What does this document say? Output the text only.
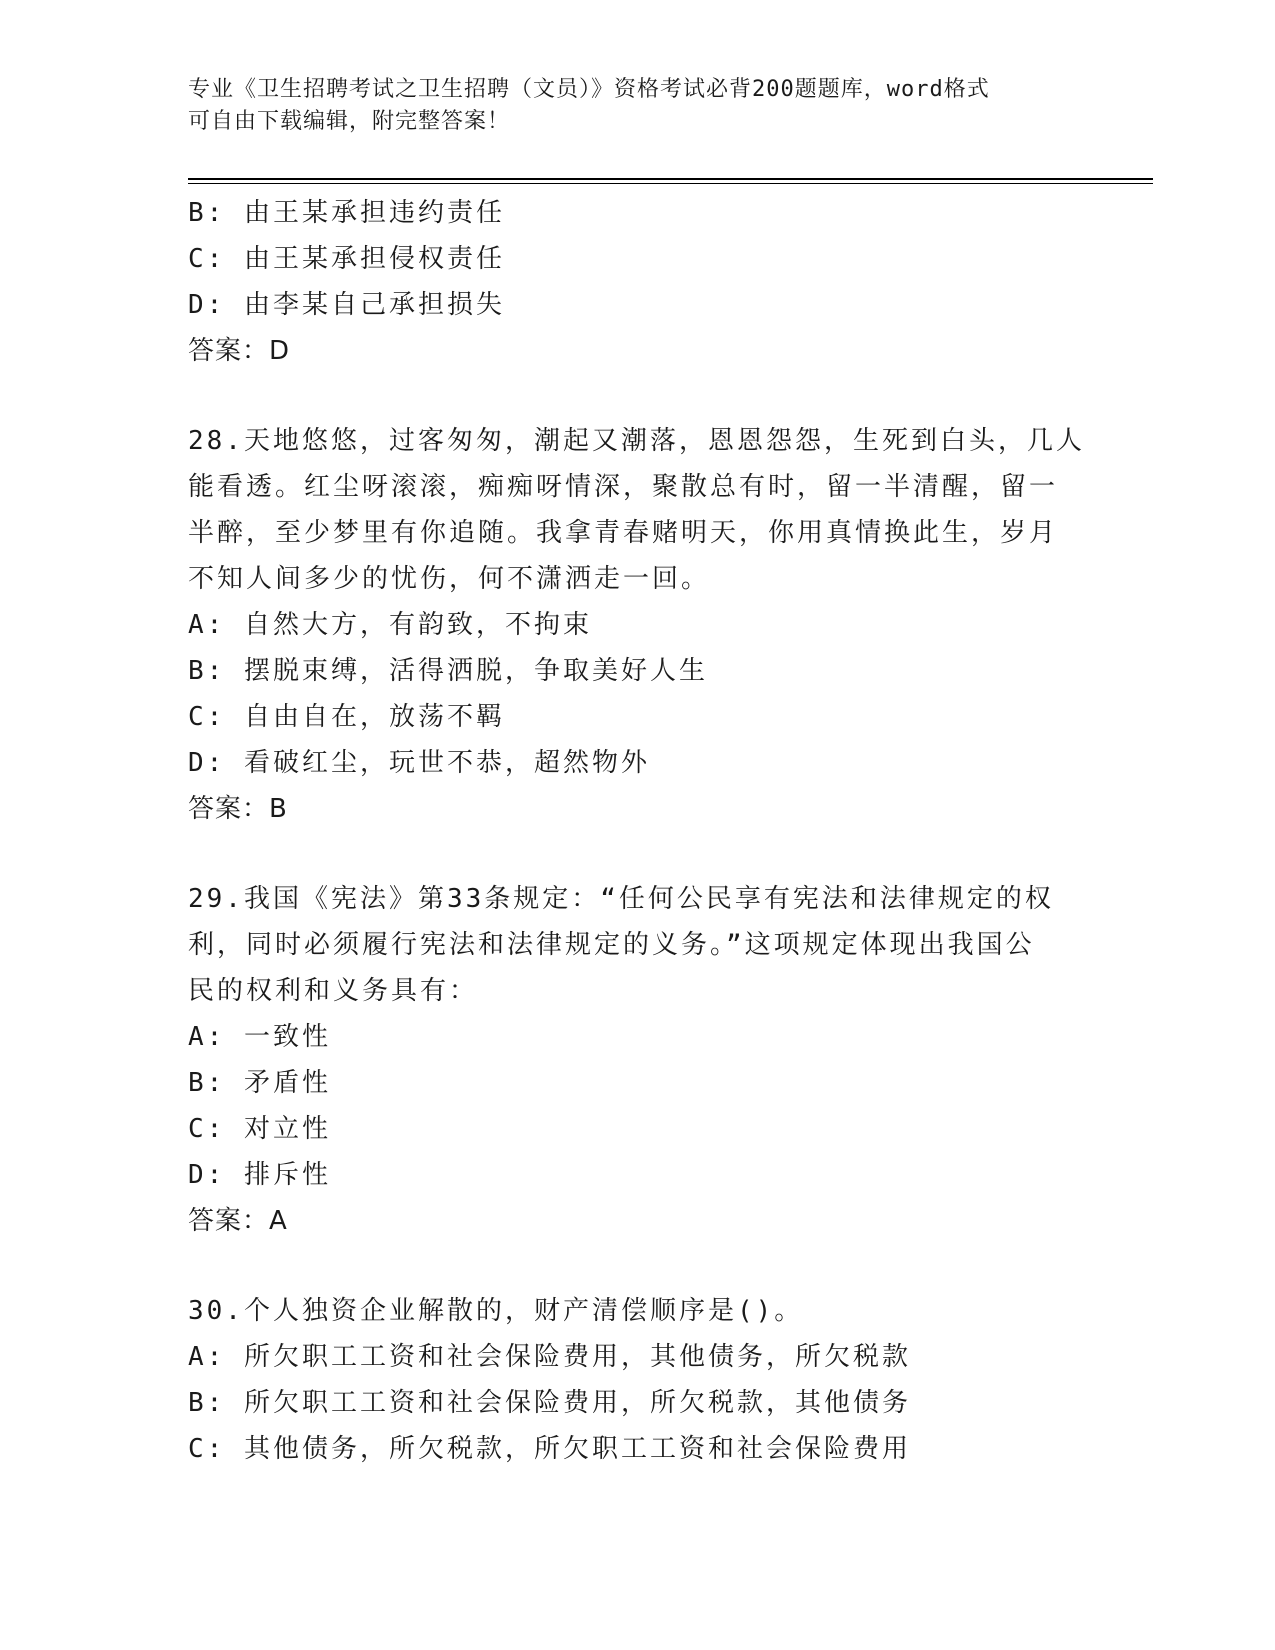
专业《卫生招聘考试之卫生招聘（文员）》资格考试必背200题题库，word格式
可自由下载编辑，附完整答案！
B: 由王某承担违约责任
C: 由王某承担侵权责任
D: 由李某自己承担损失
答案：D
28.天地悠悠，过客匆匆，潮起又潮落，恩恩怨怨，生死到白头，几人
能看透。红尘呀滚滚，痴痴呀情深，聚散总有时，留一半清醒，留一
半醉，至少梦里有你追随。我拿青春赌明天，你用真情换此生，岁月
不知人间多少的忧伤，何不潇洒走一回。
A: 自然大方，有韵致，不拘束
B: 摆脱束缚，活得洒脱，争取美好人生
C: 自由自在，放荡不羁
D: 看破红尘，玩世不恭，超然物外
答案：B
29.我国《宪法》第33条规定：“任何公民享有宪法和法律规定的权
利，同时必须履行宪法和法律规定的义务。”这项规定体现出我国公
民的权利和义务具有：
A: 一致性
B: 矛盾性
C: 对立性
D: 排斥性
答案：A
30.个人独资企业解散的，财产清偿顺序是()。
A: 所欠职工工资和社会保险费用，其他债务，所欠税款
B: 所欠职工工资和社会保险费用，所欠税款，其他债务
C: 其他债务，所欠税款，所欠职工工资和社会保险费用
